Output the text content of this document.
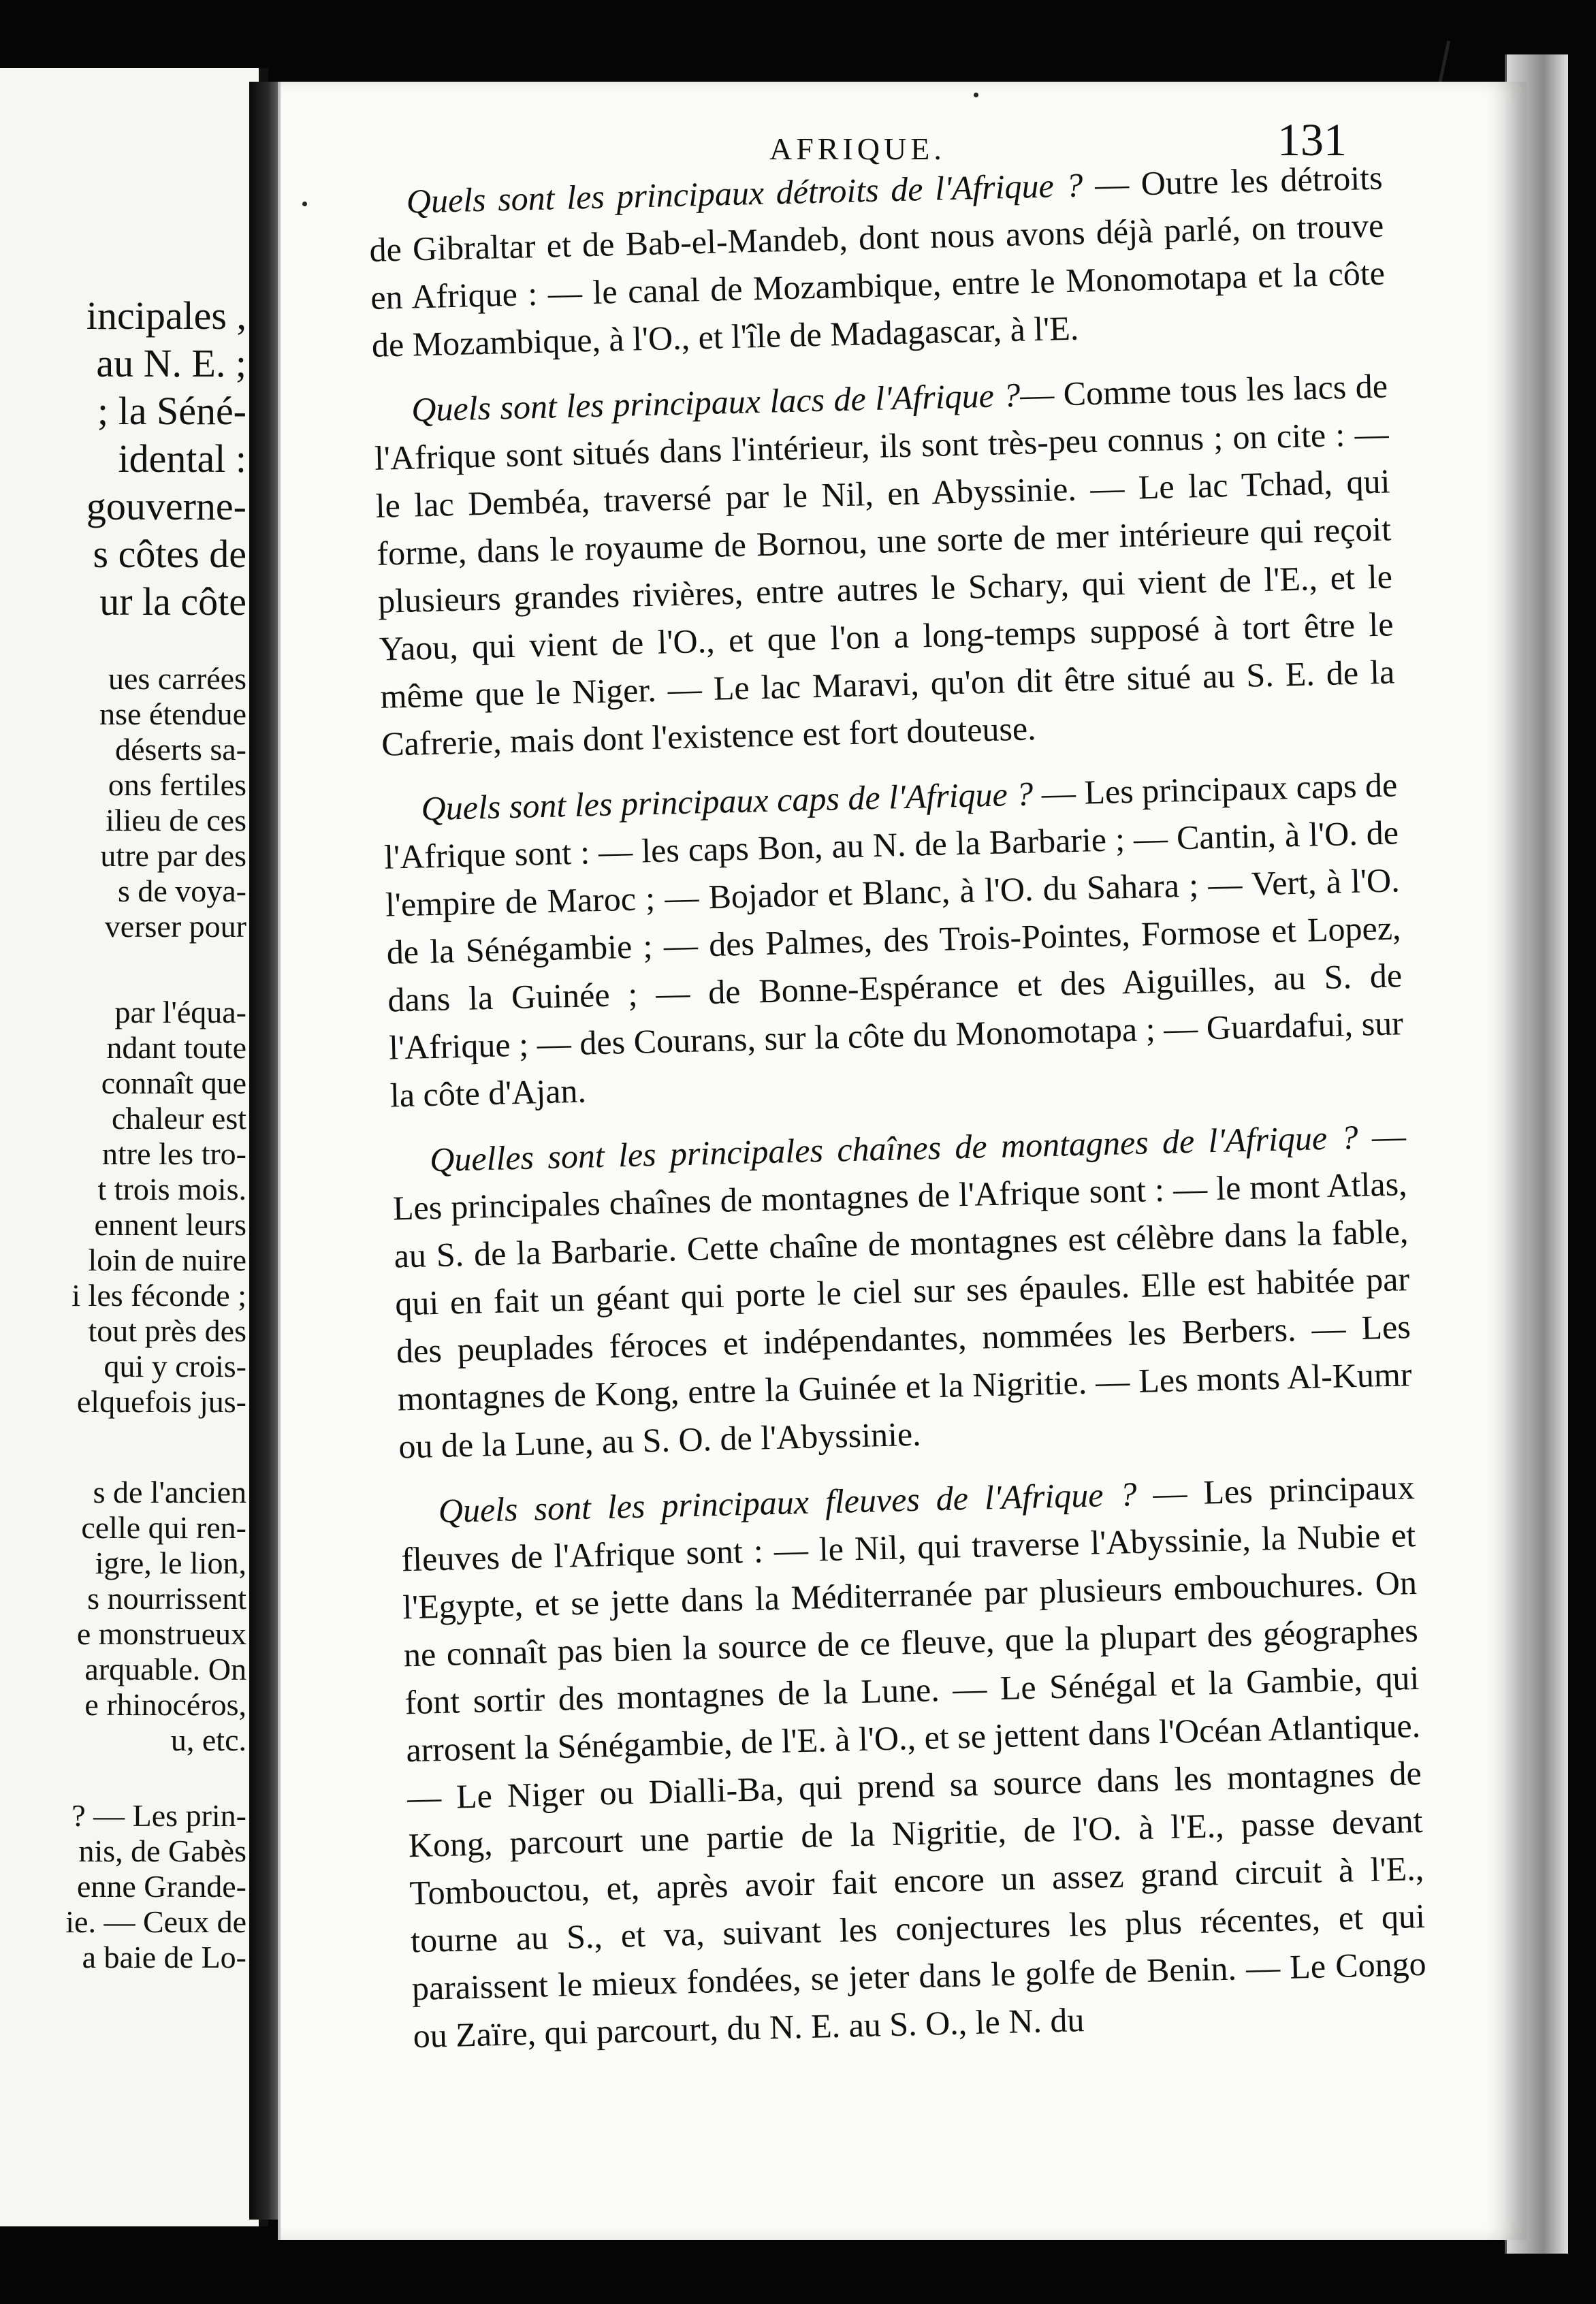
incipales ,
au N. E. ;
; la Séné-
idental :
gouverne-
s côtes de
ur la côte
ues carrées
nse étendue
déserts sa-
ons fertiles
ilieu de ces
utre par des
s de voya-
verser pour
par l'équa-
ndant toute
connaît que
chaleur est
ntre les tro-
t trois mois.
ennent leurs
loin de nuire
i les féconde ;
tout près des
qui y crois-
elquefois jus-
s de l'ancien
celle qui ren-
igre, le lion,
s nourrissent
e monstrueux
arquable. On
e rhinocéros,
u, etc.
? — Les prin-
nis, de Gabès
enne Grande-
ie. — Ceux de
a baie de Lo-
AFRIQUE.	131

Quels sont les principaux détroits de l'Afrique ? — Outre les détroits de Gibraltar et de Bab-el-Mandeb, dont nous avons déjà parlé, on trouve en Afrique : — le canal de Mozambique, entre le Monomotapa et la côte de Mozambique, à l'O., et l'île de Madagascar, à l'E.

Quels sont les principaux lacs de l'Afrique ?— Comme tous les lacs de l'Afrique sont situés dans l'intérieur, ils sont très-peu connus ; on cite : — le lac Dembéa, traversé par le Nil, en Abyssinie. — Le lac Tchad, qui forme, dans le royaume de Bornou, une sorte de mer intérieure qui reçoit plusieurs grandes rivières, entre autres le Schary, qui vient de l'E., et le Yaou, qui vient de l'O., et que l'on a long-temps supposé à tort être le même que le Niger. — Le lac Maravi, qu'on dit être situé au S. E. de la Cafrerie, mais dont l'existence est fort douteuse.

Quels sont les principaux caps de l'Afrique ? — Les principaux caps de l'Afrique sont : — les caps Bon, au N. de la Barbarie ; — Cantin, à l'O. de l'empire de Maroc ; — Bojador et Blanc, à l'O. du Sahara ; — Vert, à l'O. de la Sénégambie ; — des Palmes, des Trois-Pointes, Formose et Lopez, dans la Guinée ; — de Bonne-Espérance et des Aiguilles, au S. de l'Afrique ; — des Courans, sur la côte du Monomotapa ; — Guardafui, sur la côte d'Ajan.

Quelles sont les principales chaînes de montagnes de l'Afrique ? — Les principales chaînes de montagnes de l'Afrique sont : — le mont Atlas, au S. de la Barbarie. Cette chaîne de montagnes est célèbre dans la fable, qui en fait un géant qui porte le ciel sur ses épaules. Elle est habitée par des peuplades féroces et indépendantes, nommées les Berbers. — Les montagnes de Kong, entre la Guinée et la Nigritie. — Les monts Al-Kumr ou de la Lune, au S. O. de l'Abyssinie.

Quels sont les principaux fleuves de l'Afrique ? — Les principaux fleuves de l'Afrique sont : — le Nil, qui traverse l'Abyssinie, la Nubie et l'Egypte, et se jette dans la Méditerranée par plusieurs embouchures. On ne connaît pas bien la source de ce fleuve, que la plupart des géographes font sortir des montagnes de la Lune. — Le Sénégal et la Gambie, qui arrosent la Sénégambie, de l'E. à l'O., et se jettent dans l'Océan Atlantique. — Le Niger ou Dialli-Ba, qui prend sa source dans les montagnes de Kong, parcourt une partie de la Nigritie, de l'O. à l'E., passe devant Tombouctou, et, après avoir fait encore un assez grand circuit à l'E., tourne au S., et va, suivant les conjectures les plus récentes, et qui paraissent le mieux fondées, se jeter dans le golfe de Benin. — Le Congo ou Zaïre, qui parcourt, du N. E. au S. O., le N. du
